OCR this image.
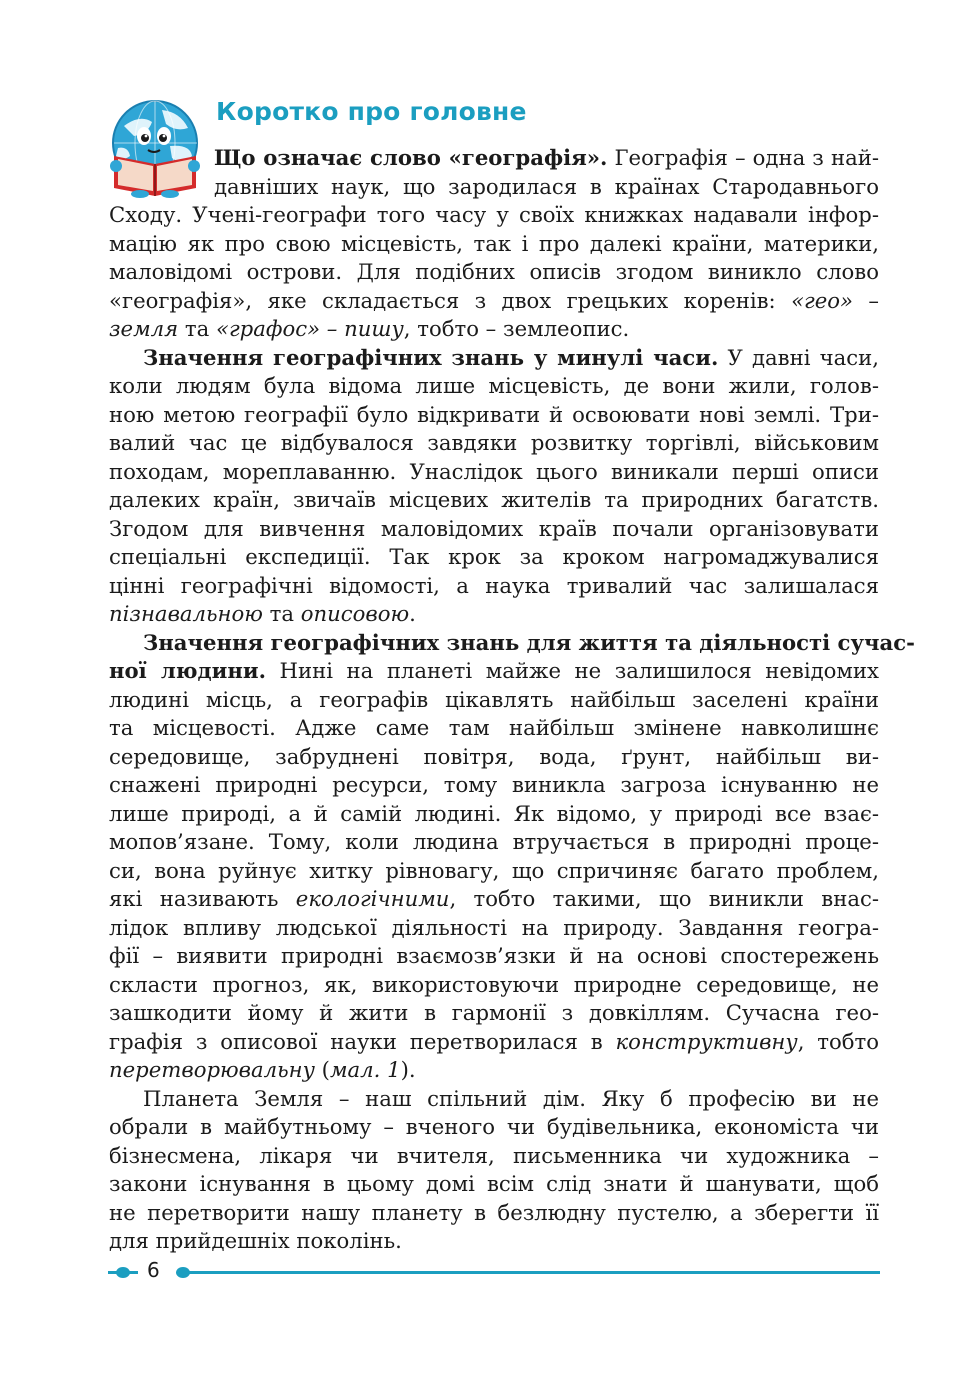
Коротко про головне
Що означає слово «географія». Географія – одна з най-
давніших наук, що зародилася в країнах Стародавнього
Сходу. Учені-географи того часу у своїх книжках надавали інфор-
мацію як про свою місцевість, так і про далекі країни, материки,
маловідомі острови. Для подібних описів згодом виникло слово
«географія», яке складається з двох грецьких коренів: «гео» –
земля та «графос» – пишу, тобто – землеопис.
Значення географічних знань у минулі часи. У давні часи,
коли людям була відома лише місцевість, де вони жили, голов-
ною метою географії було відкривати й освоювати нові землі. Три-
валий час це відбувалося завдяки розвитку торгівлі, військовим
походам, мореплаванню. Унаслідок цього виникали перші описи
далеких країн, звичаїв місцевих жителів та природних багатств.
Згодом для вивчення маловідомих країв почали організовувати
спеціальні експедиції. Так крок за кроком нагромаджувалися
цінні географічні відомості, а наука тривалий час залишалася
пізнавальною та описовою.
Значення географічних знань для життя та діяльності сучас-
ної людини. Нині на планеті майже не залишилося невідомих
людині місць, а географів цікавлять найбільш заселені країни
та місцевості. Адже саме там найбільш змінене навколишнє
середовище, забруднені повітря, вода, ґрунт, найбільш ви-
снажені природні ресурси, тому виникла загроза існуванню не
лише природі, а й самій людині. Як відомо, у природі все взає-
мопов’язане. Тому, коли людина втручається в природні проце-
си, вона руйнує хитку рівновагу, що спричиняє багато проблем,
які називають екологічними, тобто такими, що виникли внас-
лідок впливу людської діяльності на природу. Завдання геогра-
фії – виявити природні взаємозв’язки й на основі спостережень
скласти прогноз, як, використовуючи природне середовище, не
зашкодити йому й жити в гармонії з довкіллям. Сучасна гео-
графія з описової науки перетворилася в конструктивну, тобто
перетворювальну (мал. 1).
Планета Земля – наш спільний дім. Яку б професію ви не
обрали в майбутньому – вченого чи будівельника, економіста чи
бізнесмена, лікаря чи вчителя, письменника чи художника –
закони існування в цьому домі всім слід знати й шанувати, щоб
не перетворити нашу планету в безлюдну пустелю, а зберегти її
для прийдешніх поколінь.
6
